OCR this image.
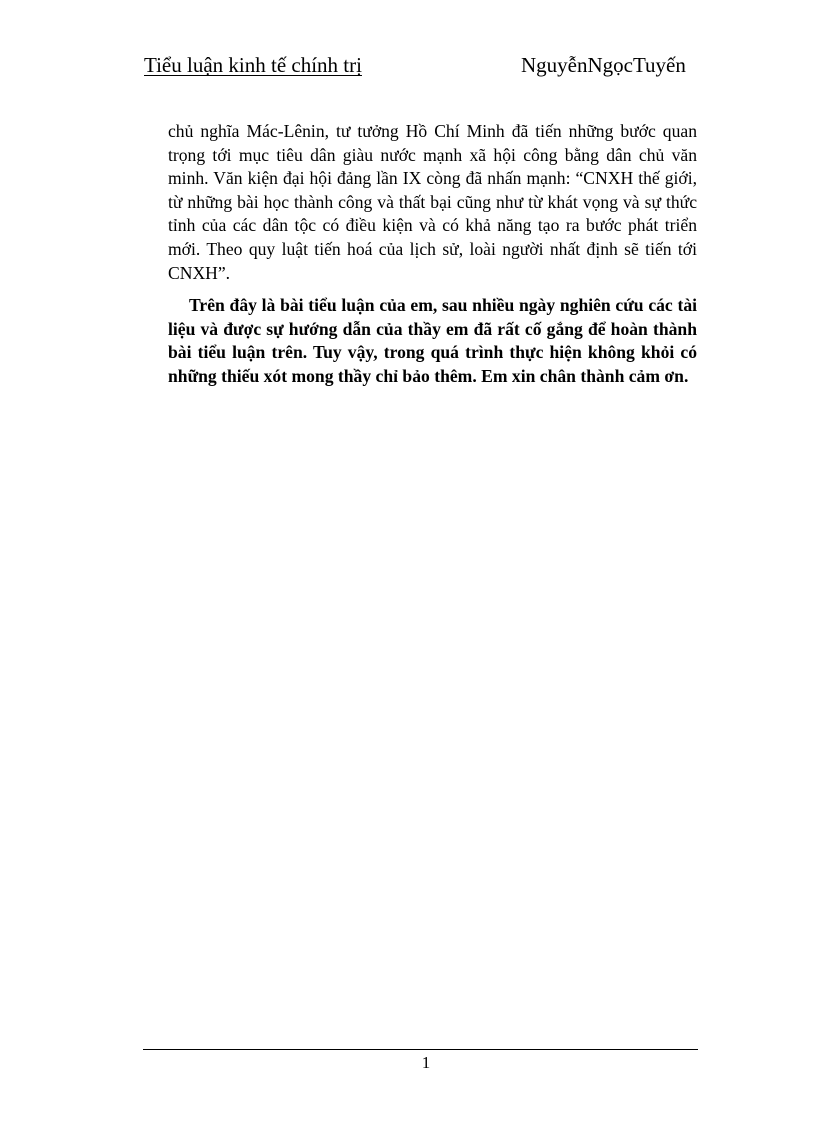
Tiểu luận kinh tế chính trị	NguyễnNgọcTuyến

chủ nghĩa Mác-Lênin, tư tưởng Hồ Chí Minh đã tiến những bước quan trọng tới mục tiêu dân giàu nước mạnh xã hội công bằng dân chủ văn minh. Văn kiện đại hội đảng lần IX còng đã nhấn mạnh: “CNXH thế giới, từ những bài học thành công và thất bại cũng như từ khát vọng và sự thức tỉnh của các dân tộc có điều kiện và có khả năng tạo ra bước phát triển mới. Theo quy luật tiến hoá của lịch sử, loài người nhất định sẽ tiến tới CNXH”.

Trên đây là bài tiểu luận của em, sau nhiều ngày nghiên cứu các tài liệu và được sự hướng dẫn của thầy em đã rất cố gắng để hoàn thành bài tiểu luận trên. Tuy vậy, trong quá trình thực hiện không khỏi có những thiếu xót mong thầy chỉ bảo thêm. Em xin chân thành cảm ơn.

1
